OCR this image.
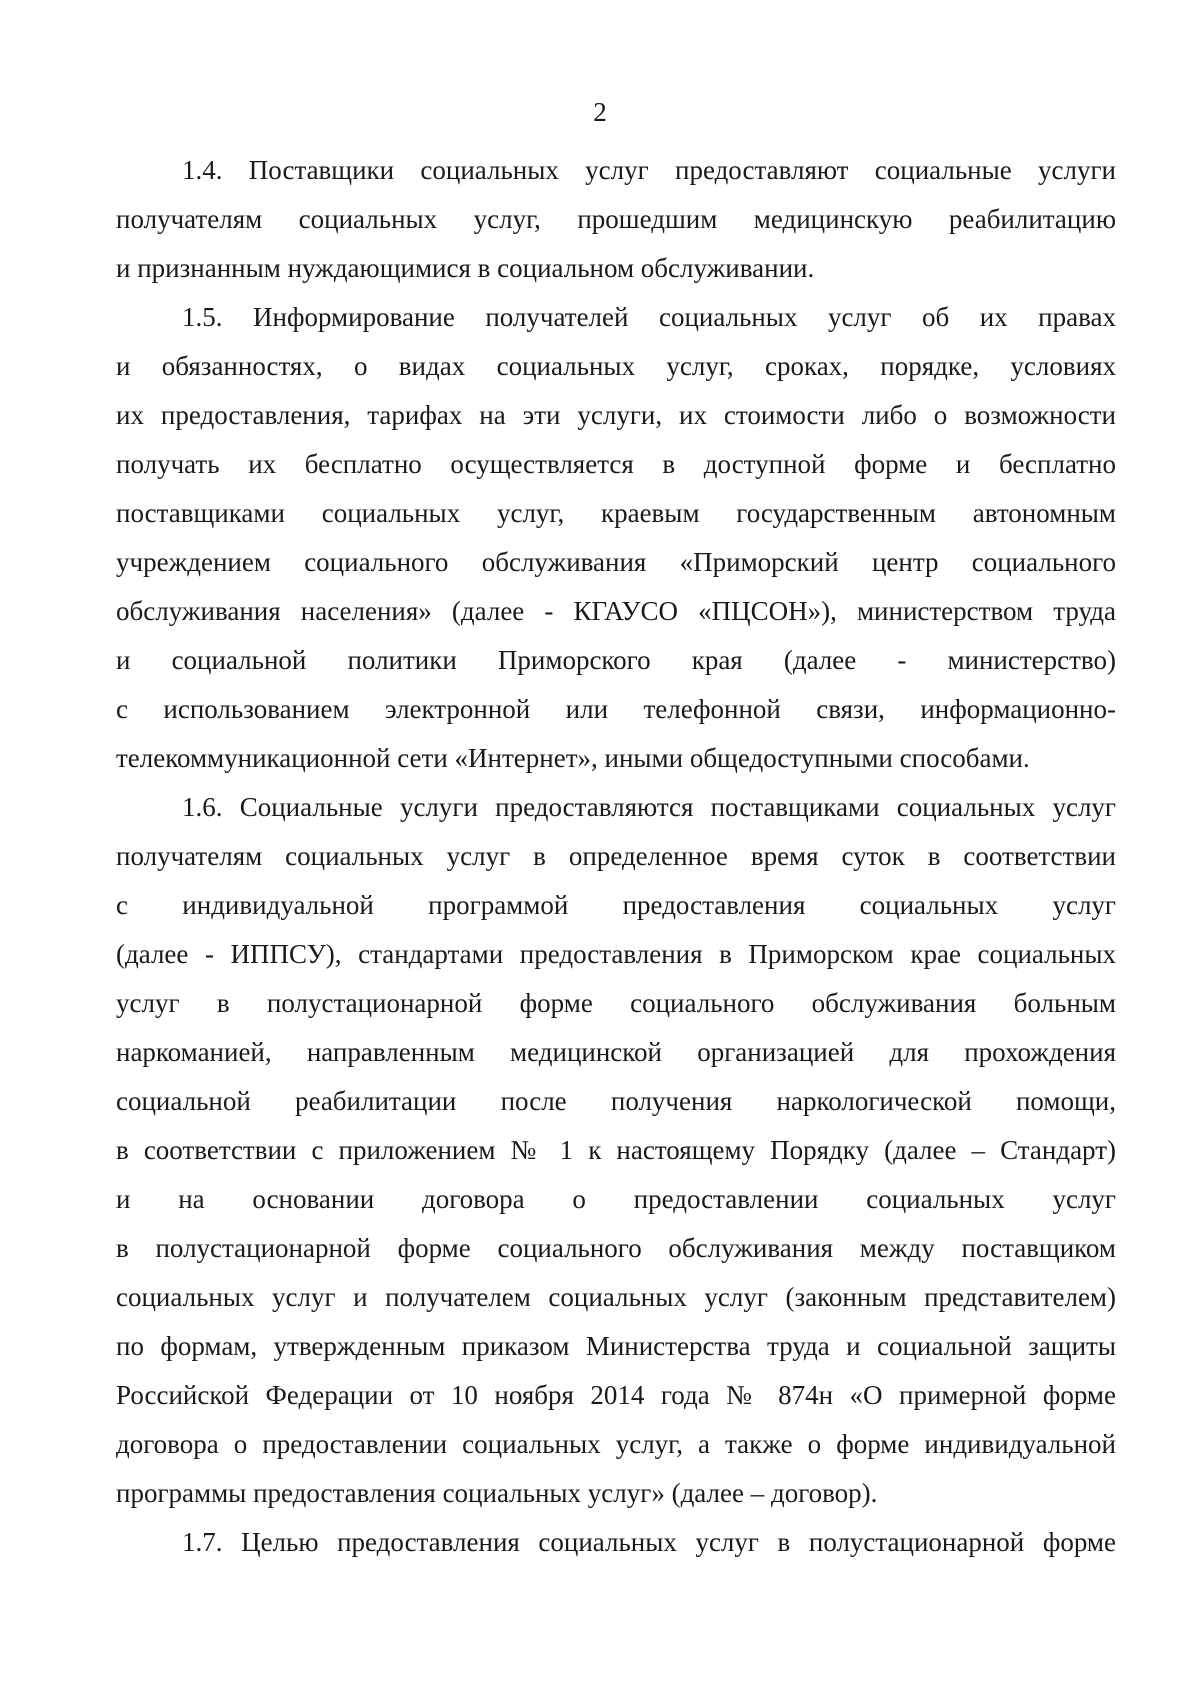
2
1.4. Поставщики социальных услуг предоставляют социальные услуги
получателям социальных услуг, прошедшим медицинскую реабилитацию
и признанным нуждающимися в социальном обслуживании.
1.5. Информирование получателей социальных услуг об их правах
и обязанностях, о видах социальных услуг, сроках, порядке, условиях
их предоставления, тарифах на эти услуги, их стоимости либо о возможности
получать их бесплатно осуществляется в доступной форме и бесплатно
поставщиками социальных услуг, краевым государственным автономным
учреждением социального обслуживания «Приморский центр социального
обслуживания населения» (далее - КГАУСО «ПЦСОН»), министерством труда
и социальной политики Приморского края (далее - министерство)
с использованием электронной или телефонной связи, информационно-
телекоммуникационной сети «Интернет», иными общедоступными способами.
1.6. Социальные услуги предоставляются поставщиками социальных услуг
получателям социальных услуг в определенное время суток в соответствии
с индивидуальной программой предоставления социальных услуг
(далее - ИППСУ), стандартами предоставления в Приморском крае социальных
услуг в полустационарной форме социального обслуживания больным
наркоманией, направленным медицинской организацией для прохождения
социальной реабилитации после получения наркологической помощи,
в соответствии с приложением № 1 к настоящему Порядку (далее – Стандарт)
и на основании договора о предоставлении социальных услуг
в полустационарной форме социального обслуживания между поставщиком
социальных услуг и получателем социальных услуг (законным представителем)
по формам, утвержденным приказом Министерства труда и социальной защиты
Российской Федерации от 10 ноября 2014 года № 874н «О примерной форме
договора о предоставлении социальных услуг, а также о форме индивидуальной
программы предоставления социальных услуг» (далее – договор).
1.7. Целью предоставления социальных услуг в полустационарной форме
